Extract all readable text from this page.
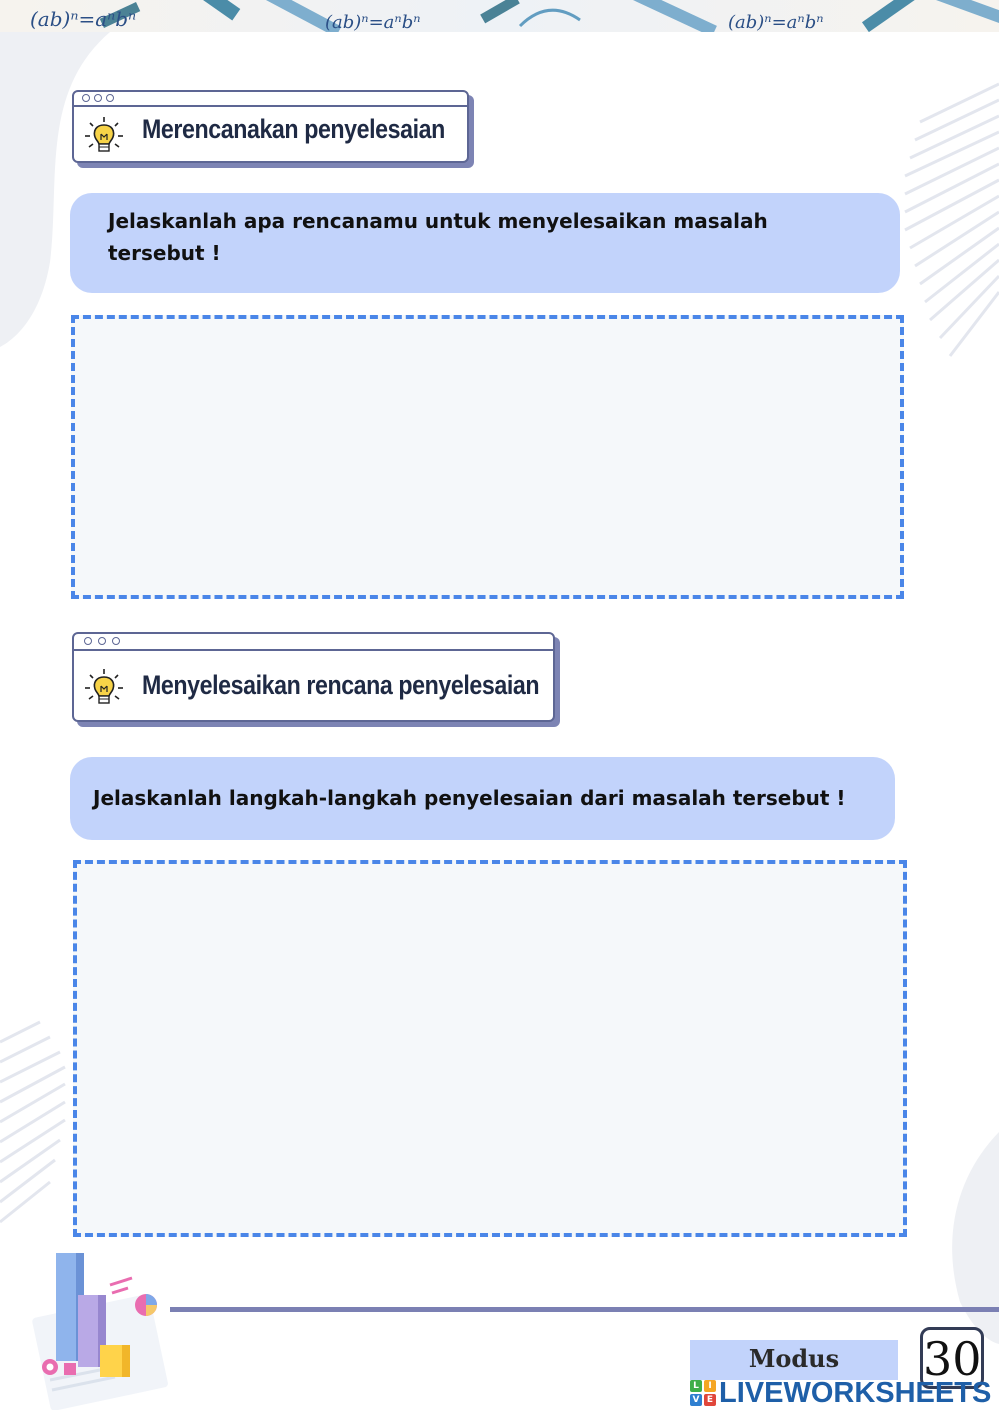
(ab)ⁿ=aⁿbⁿ	(ab)ⁿ=aⁿbⁿ	(ab)ⁿ=aⁿbⁿ
Merencanakan penyelesaian
Jelaskanlah apa rencanamu untuk menyelesaikan masalah tersebut !
Menyelesaikan rencana penyelesaian
Jelaskanlah langkah-langkah penyelesaian dari masalah tersebut !
Modus	30
L	I
V E LIVEWORKSHEETS
